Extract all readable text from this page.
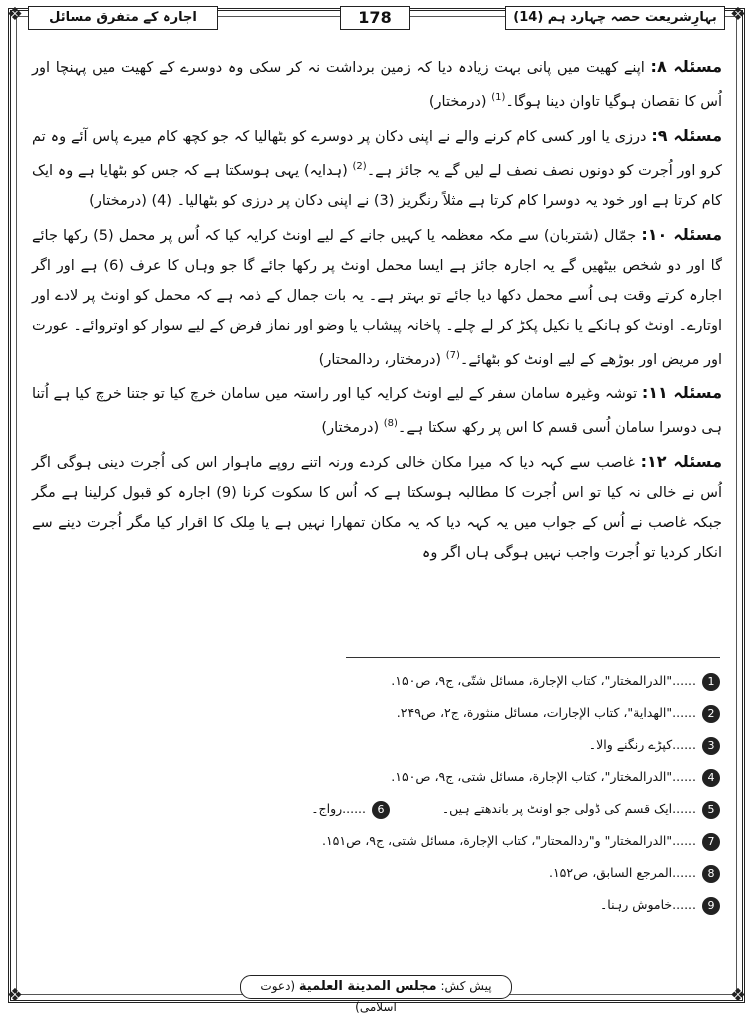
❖	❖
❖	❖
اجارہ کے متفرق مسائل	178	بہارِشریعت حصہ چہارد ہم (14)

مسئلہ ۸: اپنے کھیت میں پانی بہت زیادہ دیا کہ زمین برداشت نہ کر سکی وہ دوسرے کے کھیت میں پہنچا اور اُس کا نقصان ہوگیا تاوان دینا ہوگا۔$^{(1)}$ (درمختار)

مسئلہ ۹: درزی یا اور کسی کام کرنے والے نے اپنی دکان پر دوسرے کو بٹھالیا کہ جو کچھ کام میرے پاس آئے وہ تم کرو اور اُجرت کو دونوں نصف نصف لے لیں گے یہ جائز ہے۔$^{(2)}$ (ہدایہ) یہی ہوسکتا ہے کہ جس کو بٹھایا ہے وہ ایک کام کرتا ہے اور خود یہ دوسرا کام کرتا ہے مثلاً رنگریز (3) نے اپنی دکان پر درزی کو بٹھالیا۔ (4) (درمختار)

مسئلہ ۱۰: جمّال (شتربان) سے مکہ معظمہ یا کہیں جانے کے لیے اونٹ کرایہ کیا کہ اُس پر محمل (5) رکھا جائے گا اور دو شخص بیٹھیں گے یہ اجارہ جائز ہے ایسا محمل اونٹ پر رکھا جائے گا جو وہاں کا عرف (6) ہے اور اگر اجارہ کرتے وقت ہی اُسے محمل دکھا دیا جائے تو بہتر ہے۔ یہ بات جمال کے ذمہ ہے کہ محمل کو اونٹ پر لادے اور اوتارے۔ اونٹ کو ہانکے یا نکیل پکڑ کر لے چلے۔ پاخانہ پیشاب یا وضو اور نماز فرض کے لیے سوار کو اوتروائے۔ عورت اور مریض اور بوڑھے کے لیے اونٹ کو بٹھائے۔$^{(7)}$ (درمختار، ردالمحتار)

مسئلہ ۱۱: توشہ وغیرہ سامان سفر کے لیے اونٹ کرایہ کیا اور راستہ میں سامان خرچ کیا تو جتنا خرچ کیا ہے اُتنا ہی دوسرا سامان اُسی قسم کا اس پر رکھ سکتا ہے۔$^{(8)}$ (درمختار)

مسئلہ ۱۲: غاصب سے کہہ دیا کہ میرا مکان خالی کردے ورنہ اتنے روپے ماہوار اس کی اُجرت دینی ہوگی اگر اُس نے خالی نہ کیا تو اس اُجرت کا مطالبہ ہوسکتا ہے کہ اُس کا سکوت کرنا (9) اجارہ کو قبول کرلینا ہے مگر جبکہ غاصب نے اُس کے جواب میں یہ کہہ دیا کہ یہ مکان تمھارا نہیں ہے یا مِلک کا اقرار کیا مگر اُجرت دینے سے انکار کردیا تو اُجرت واجب نہیں ہوگی ہاں اگر وہ

1......"الدرالمختار"، كتاب الإجارة، مسائل شتّى، ج۹، ص۱۵۰.
2......"الهداية"، كتاب الإجارات، مسائل منثورة، ج۲، ص۲۴۹.
3......کپڑے رنگنے والا۔
4......"الدرالمختار"، كتاب الإجارة، مسائل شتى، ج۹، ص۱۵۰.
5......ایک قسم کی ڈولی جو اونٹ پر باندھتے ہیں۔
6......رواج۔
7......"الدرالمختار" و"ردالمحتار"، كتاب الإجارة، مسائل شتى، ج۹، ص۱۵۱.
8......المرجع السابق، ص۱۵۲.
9......خاموش رہنا۔
پیش کش: مجلس المدينة العلمية (دعوت اسلامی)
